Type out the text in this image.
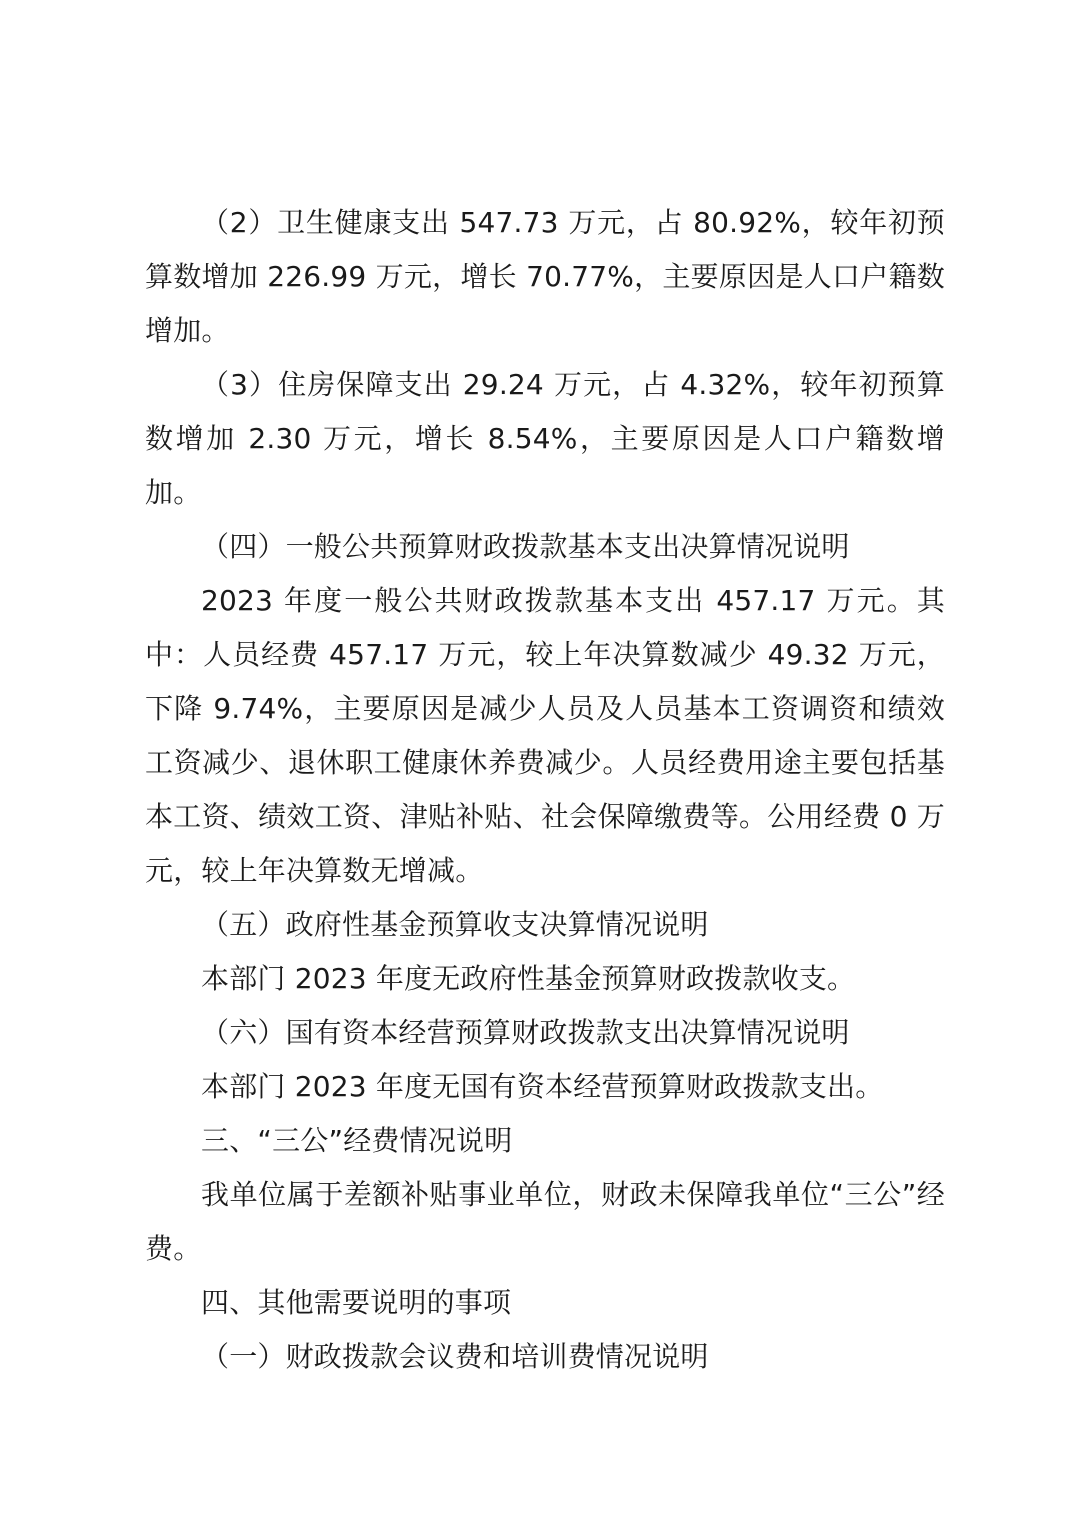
（2）卫生健康支出 547.73 万元，占 80.92%，较年初预算数增加 226.99 万元，增长 70.77%，主要原因是人口户籍数增加。

（3）住房保障支出 29.24 万元，占 4.32%，较年初预算数增加 2.30 万元，增长 8.54%，主要原因是人口户籍数增加。

（四）一般公共预算财政拨款基本支出决算情况说明

2023 年度一般公共财政拨款基本支出 457.17 万元。其中：人员经费 457.17 万元，较上年决算数减少 49.32 万元，下降 9.74%，主要原因是减少人员及人员基本工资调资和绩效工资减少、退休职工健康休养费减少。人员经费用途主要包括基本工资、绩效工资、津贴补贴、社会保障缴费等。公用经费 0 万元，较上年决算数无增减。

（五）政府性基金预算收支决算情况说明

本部门 2023 年度无政府性基金预算财政拨款收支。

（六）国有资本经营预算财政拨款支出决算情况说明

本部门 2023 年度无国有资本经营预算财政拨款支出。

三、“三公”经费情况说明

我单位属于差额补贴事业单位，财政未保障我单位“三公”经费。

四、其他需要说明的事项

（一）财政拨款会议费和培训费情况说明
